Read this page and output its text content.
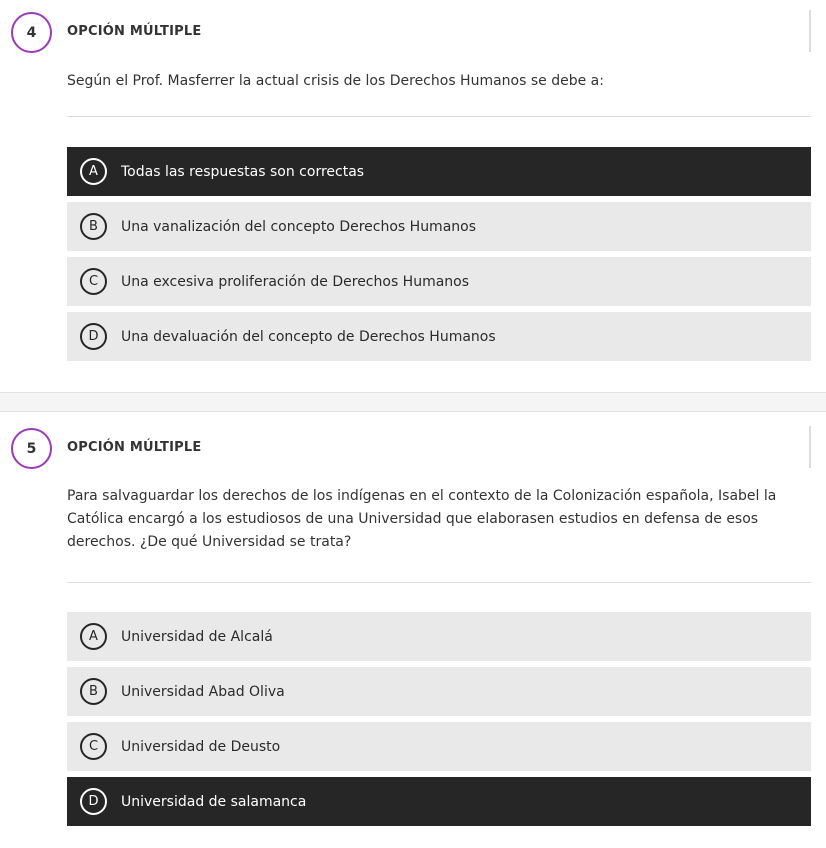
4	OPCIÓN MÚLTIPLE
Según el Prof. Masferrer la actual crisis de los Derechos Humanos se debe a:
A	Todas las respuestas son correctas
B	Una vanalización del concepto Derechos Humanos
C	Una excesiva proliferación de Derechos Humanos
D	Una devaluación del concepto de Derechos Humanos
5	OPCIÓN MÚLTIPLE
Para salvaguardar los derechos de los indígenas en el contexto de la Colonización española, Isabel la Católica encargó a los estudiosos de una Universidad que elaborasen estudios en defensa de esos derechos. ¿De qué Universidad se trata?
A	Universidad de Alcalá
B	Universidad Abad Oliva
C	Universidad de Deusto
D	Universidad de salamanca
